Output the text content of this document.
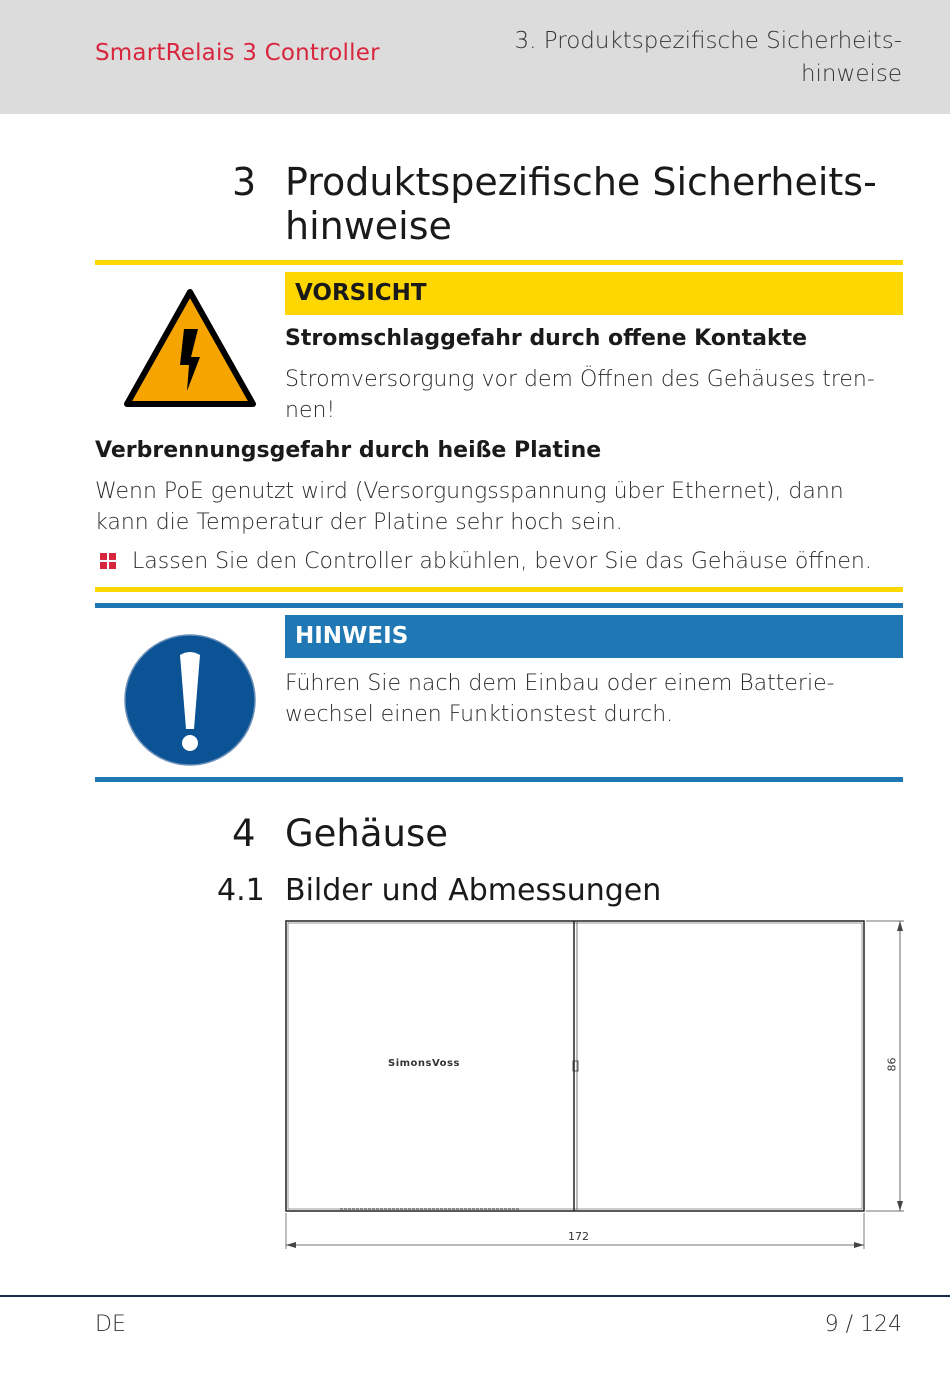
SmartRelais 3 Controller	3. Produktspezifische Sicherheits-
hinweise
3 Produktspezifische Sicherheits-
hinweise
VORSICHT
Stromschlaggefahr durch offene Kontakte
Stromversorgung vor dem Öffnen des Gehäuses tren-
nen!
Verbrennungsgefahr durch heiße Platine
Wenn PoE genutzt wird (Versorgungsspannung über Ethernet), dann
kann die Temperatur der Platine sehr hoch sein.
Lassen Sie den Controller abkühlen, bevor Sie das Gehäuse öffnen.
HINWEIS
Führen Sie nach dem Einbau oder einem Batterie-
wechsel einen Funktionstest durch.
4 Gehäuse
4.1 Bilder und Abmessungen
SimonsVoss	86
172
DE	9 / 124
